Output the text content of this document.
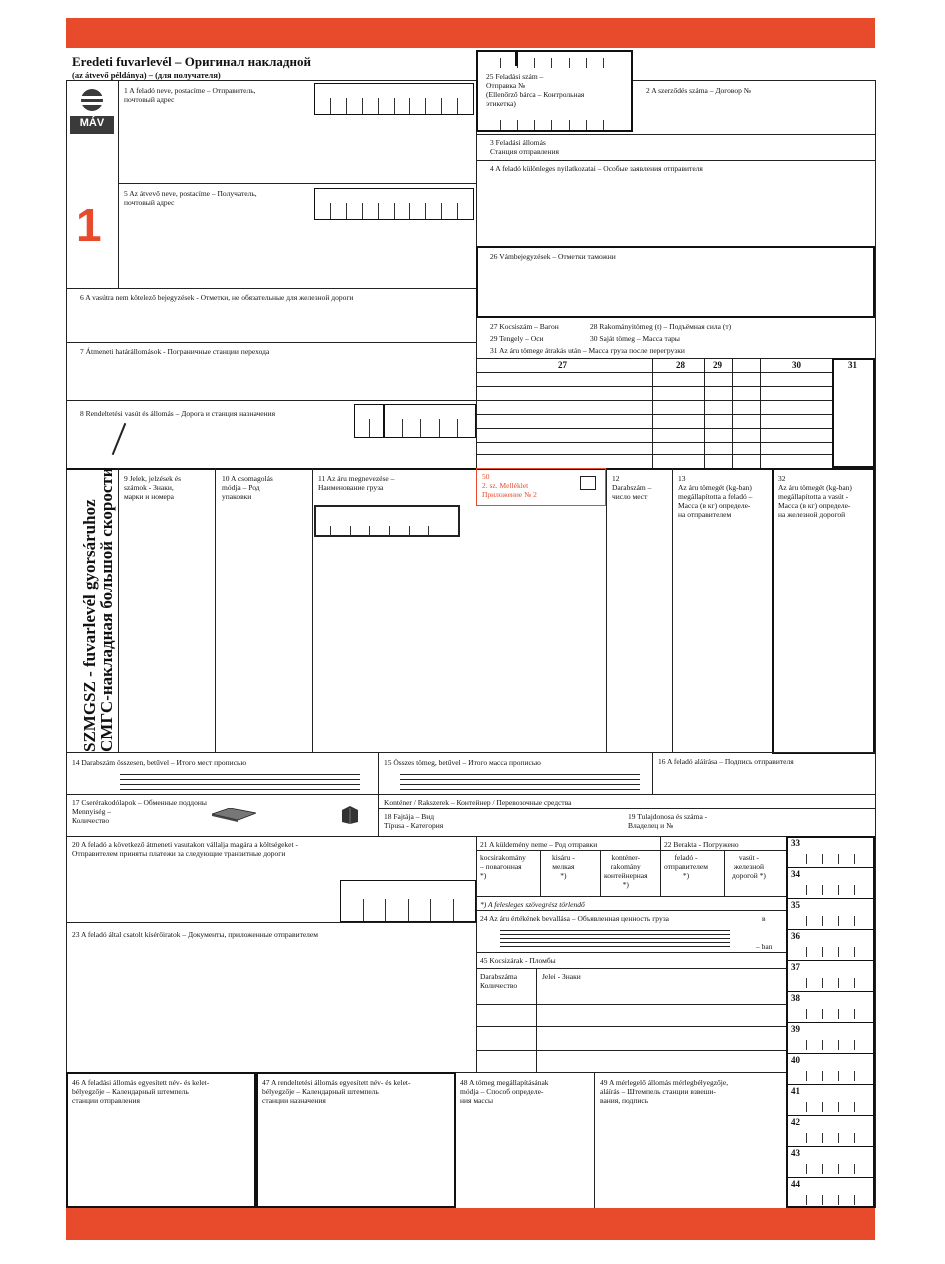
Eredeti fuvarlevél – Оригинал накладной
(az átvevő példánya) – (для получателя)
MÁV
1
1 A feladó neve, postacíme – Отправитель,
почтовый адрес
5 Az átvevő neve, postacíme – Получатель,
почтовый адрес
25 Feladási szám –
Отправка №
(Ellenőrző bárca – Контрольная
этикетка)
2 A szerződés száma – Договор №
3 Feladási állomás
Станция отправления
4 A feladó különleges nyilatkozatai – Особые заявления отправителя
26 Vámbejegyzések – Отметки таможни
6 A vasútra nem kötelező bejegyzések - Отметки, не обязательные для железной дороги
27 Kocsiszám – Вагон	28 Rakományitömeg (t) – Подъёмная сила (т)
29 Tengely – Оси	30 Saját tömeg – Масса тары
31 Az áru tömege átrakás után – Масса груза после перегрузки
7 Átmeneti határállomások - Пограничные станции перехода
27	28	29	30	31
8 Rendeltetési vasút és állomás – Дорога и станция назначения
SZMGSZ - fuvarlevél gyorsáruhoz
СМГС-накладная большой скорости 9 Jelek, jelzések és
számok - Знаки,
марки и номера
10 A csomagolás
módja – Род
упаковки
11 Az áru megnevezése –
Наименование груза
50
2. sz. Melléklet
Приложение № 2
12
Darabszám –
число мест
13
Az áru tömegét (kg-ban)
megállapította a feladó –
Масса (в кг) определе-
на отправителем
32
Az áru tömegét (kg-ban)
megállapította a vasút -
Масса (в кг) определе-
на железной дорогой
14 Darabszám összesen, betűvel – Итого мест прописью	15 Összes tömeg, betűvel – Итого масса прописью	16 A feladó aláírása – Подпись отправителя
17 Cserérakodólapok – Обменные поддоны
Mennyiség –
Количество
Konténer / Rakszerek – Контейнер / Перевозочные средства
18 Fajtája – Вид
Típusa - Категория
19 Tulajdonosa és száma -
Владелец и №
20 A feladó a következő átmeneti vasutakon vállalja magára a költségeket -
Отправителем приняты платежи за следующие транзитные дороги
23 A feladó által csatolt kísérőiratok – Документы, приложенные отправителем
21 A küldemény neme – Род отправки	22 Berakta - Погружено
kocsirakomány
– повагонная
*)
kisáru -
мелкая
*)
konténer-
rakomány
контейнерная
*)
feladó -
отправителем
*)
vasút -
железной
дорогой *)
*) A felesleges szövegrész törlendő
24 Az áru értékének bevallása – Объявленная ценность груза	в
– ban
45 Kocsizárak - Пломбы
Darabszáma
Количество
Jelei - Знаки
46 A feladási állomás egyesített név- és kelet-
bélyegzője – Календарный штемпель
станции отправления
47 A rendeltetési állomás egyesített név- és kelet-
bélyegzője – Календарный штемпель
станции назначения
48 A tömeg megállapításának
módja – Способ определе-
ния массы
49 A mérlegelő állomás mérlegbélyegzője,
aláírás – Штемпель станции взвеши-
вания, подпись
33
34
35
36
37
38
39
40
41
42
43
44
